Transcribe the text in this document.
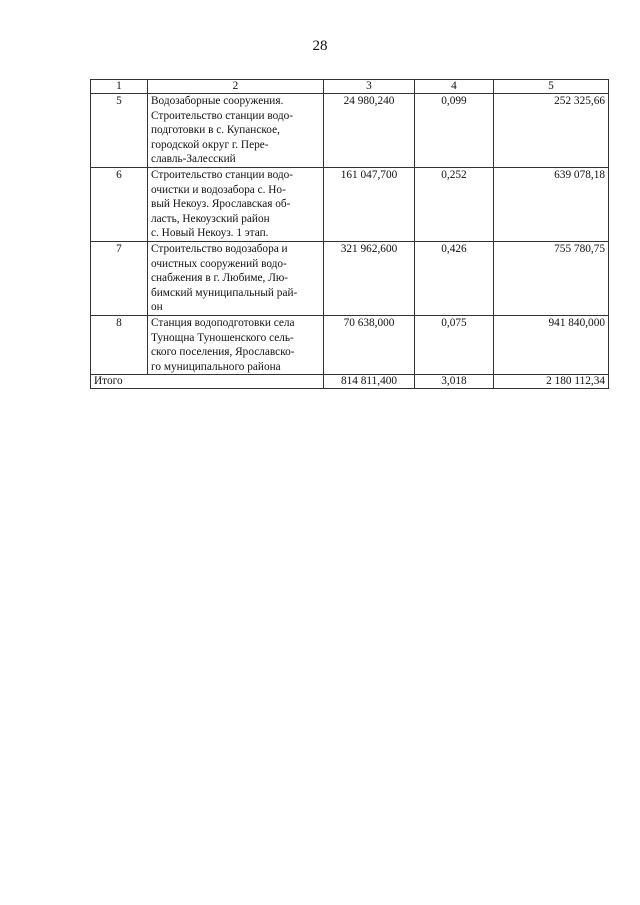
28
1	2	3	4	5
5	Водозаборные сооружения.
Строительство станции водо-
подготовки в с. Купанское,
городской округ г. Пере-
славль-Залесский	24 980,240	0,099	252 325,66
6	Строительство станции водо-
очистки и водозабора с. Но-
вый Некоуз. Ярославская об-
ласть, Некоузский район
с. Новый Некоуз. 1 этап.	161 047,700	0,252	639 078,18
7	Строительство водозабора и
очистных сооружений водо-
снабжения в г. Любиме, Лю-
бимский муниципальный рай-
он	321 962,600	0,426	755 780,75
8	Станция водоподготовки села
Тунощна Туношенского сель-
ского поселения, Ярославско-
го муниципального района	70 638,000	0,075	941 840,000
Итого		814 811,400	3,018	2 180 112,34
